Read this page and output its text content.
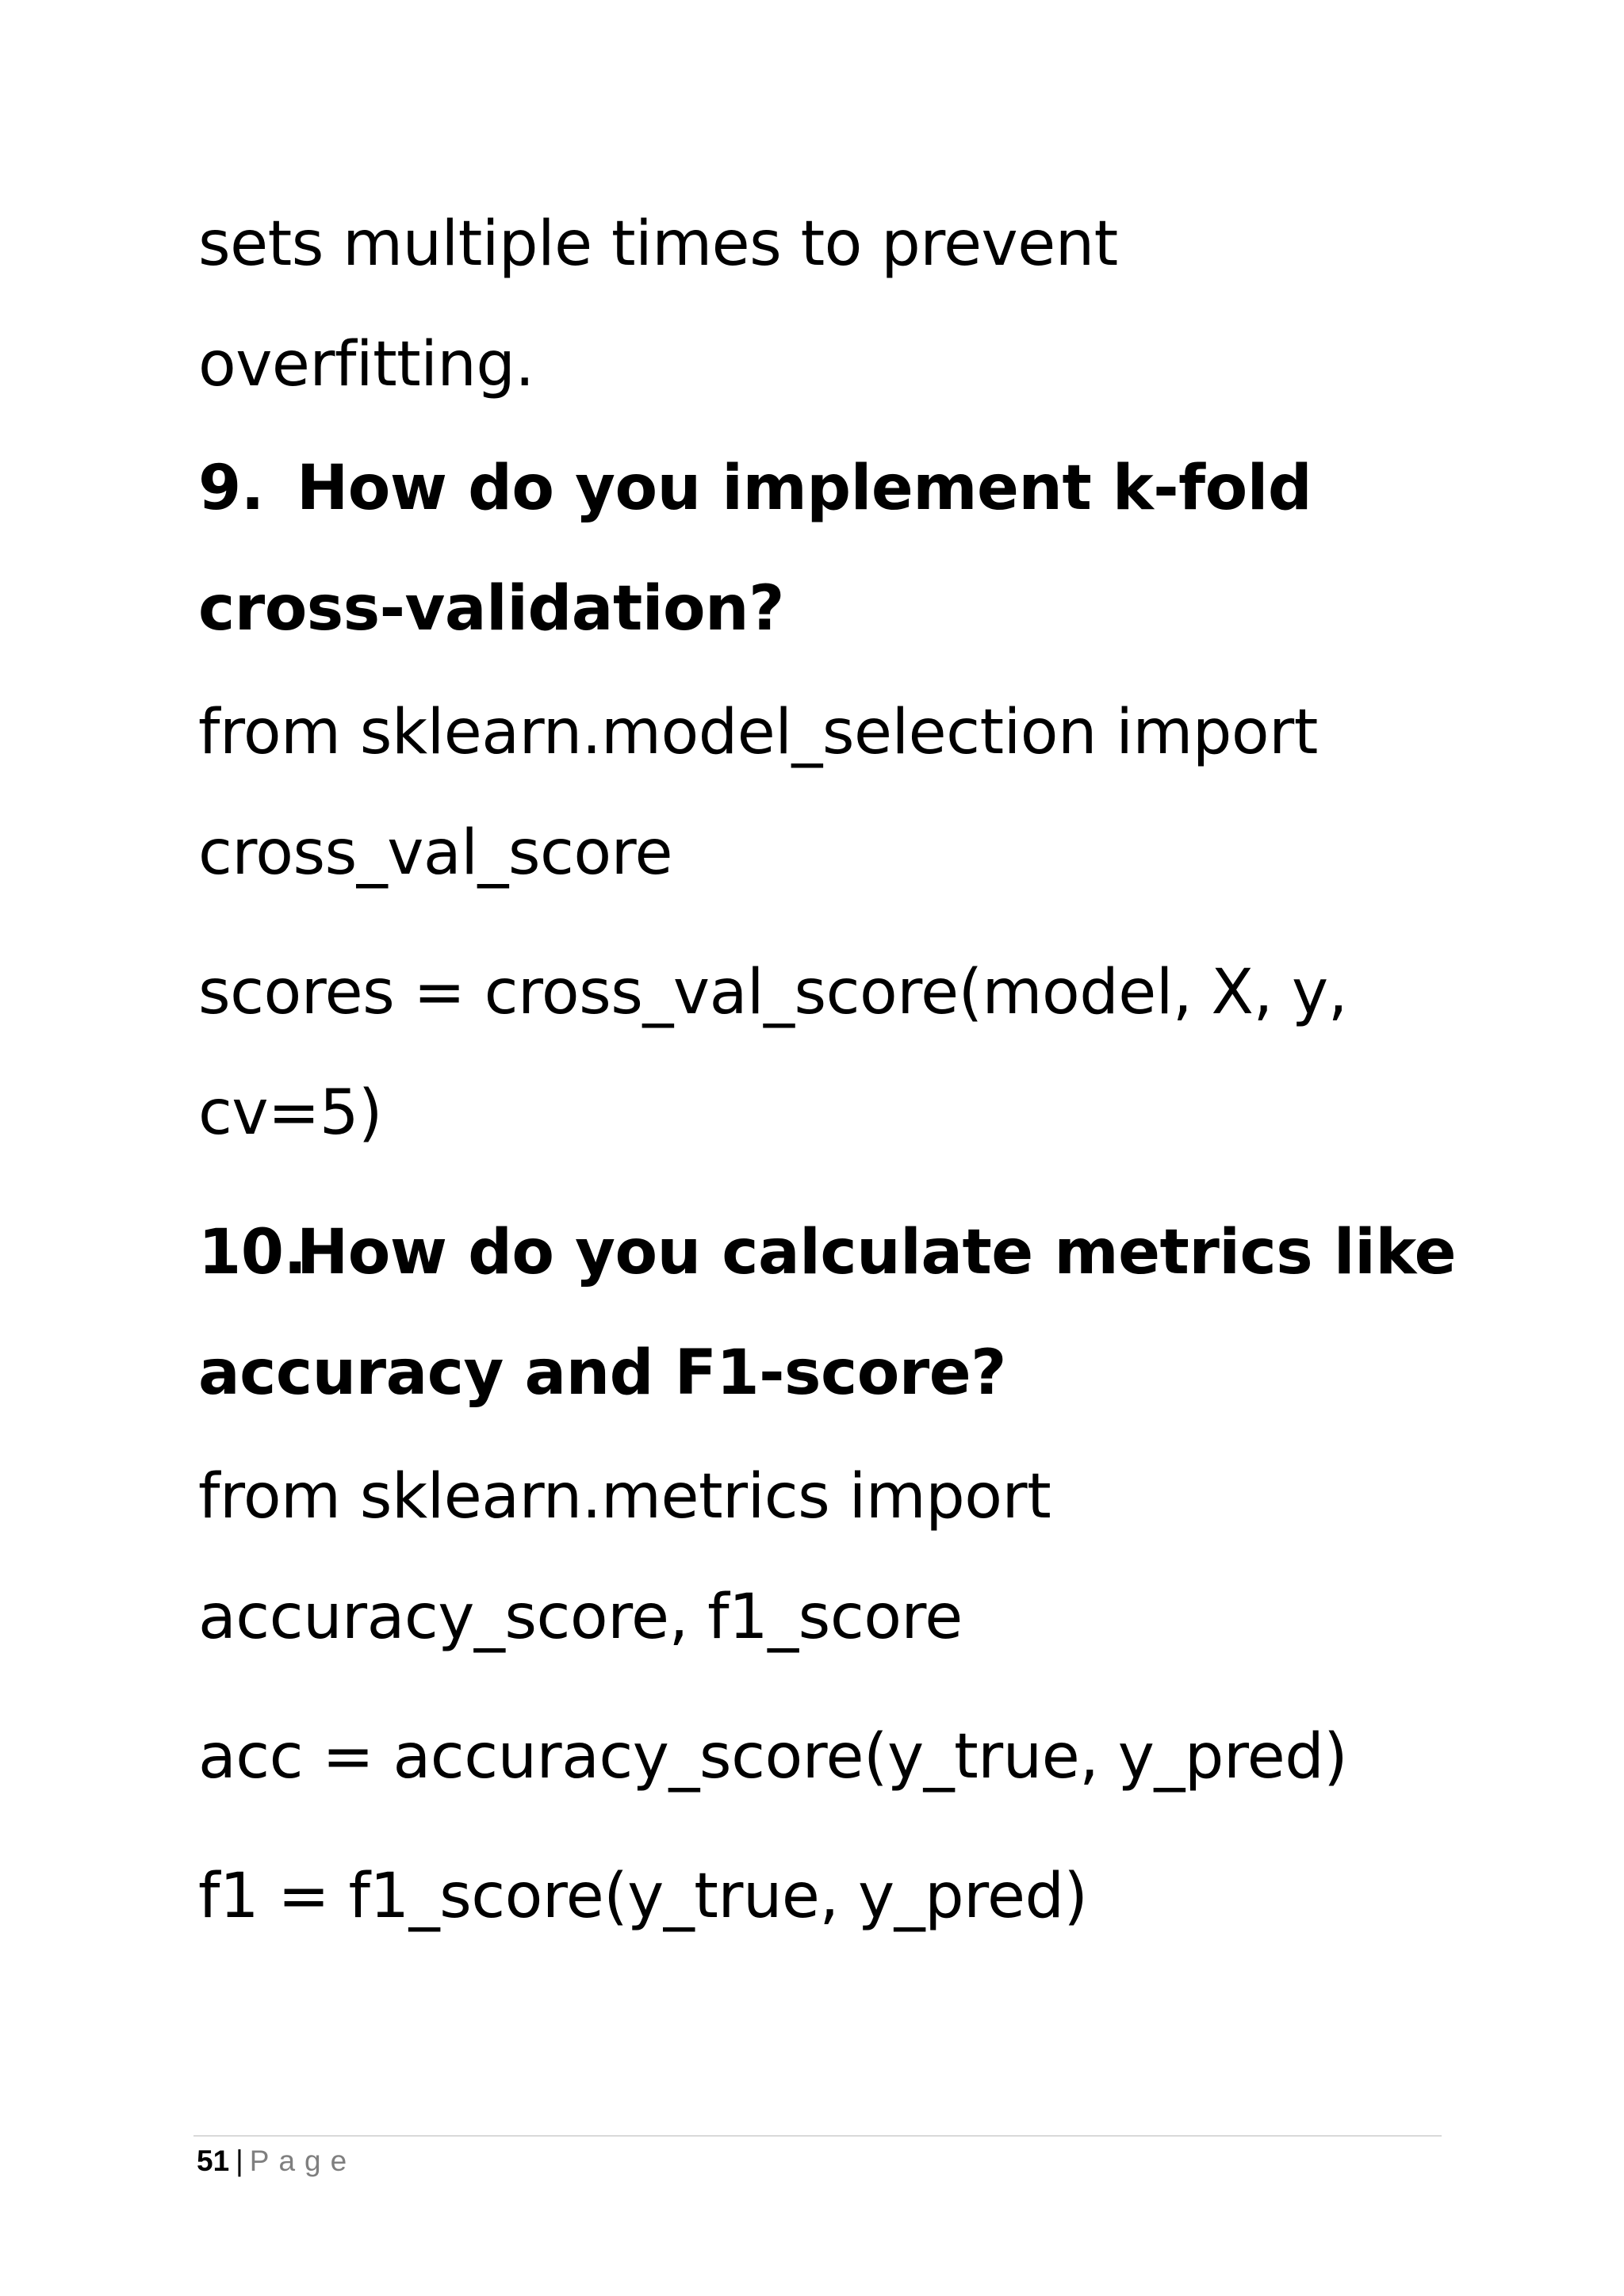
sets multiple times to prevent
overfitting.
9. How do you implement k-fold
cross-validation?
from sklearn.model_selection import
cross_val_score
scores = cross_val_score(model, X, y,
cv=5)
10.How do you calculate metrics like
accuracy and F1-score?
from sklearn.metrics import
accuracy_score, f1_score
acc = accuracy_score(y_true, y_pred)
f1 = f1_score(y_true, y_pred)
51 | Page
